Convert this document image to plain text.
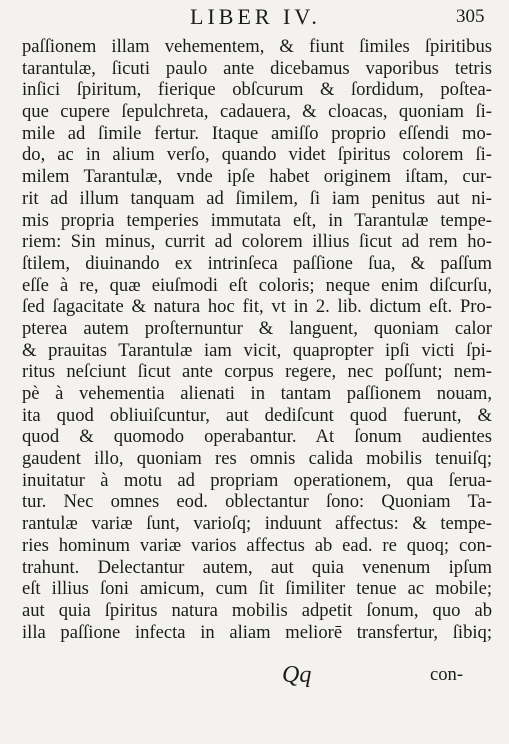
LIBER IV.	305
paſſionem illam vehementem, & fiunt ſimiles ſpiritibus
tarantulæ, ſicuti paulo ante dicebamus vaporibus tetris
inſici ſpiritum, fierique obſcurum & ſordidum, poſtea-
que cupere ſepulchreta, cadauera, & cloacas, quoniam ſi-
mile ad ſimile fertur. Itaque amiſſo proprio eſſendi mo-
do, ac in alium verſo, quando videt ſpiritus colorem ſi-
milem Tarantulæ, vnde ipſe habet originem iſtam, cur-
rit ad illum tanquam ad ſimilem, ſi iam penitus aut ni-
mis propria temperies immutata eſt, in Tarantulæ tempe-
riem: Sin minus, currit ad colorem illius ſicut ad rem ho-
ſtilem, diuinando ex intrinſeca paſſione ſua, & paſſum
eſſe à re, quæ eiuſmodi eſt coloris; neque enim diſcurſu,
ſed ſagacitate & natura hoc fit, vt in 2. lib. dictum eſt. Pro-
pterea autem proſternuntur & languent, quoniam calor
& prauitas Tarantulæ iam vicit, quapropter ipſi victi ſpi-
ritus neſciunt ſicut ante corpus regere, nec poſſunt; nem-
pè à vehementia alienati in tantam paſſionem nouam,
ita quod obliuiſcuntur, aut dediſcunt quod fuerunt, &
quod & quomodo operabantur. At ſonum audientes
gaudent illo, quoniam res omnis calida mobilis tenuiſq;
inuitatur à motu ad propriam operationem, qua ſerua-
tur. Nec omnes eod. oblectantur ſono: Quoniam Ta-
rantulæ variæ ſunt, varioſq; induunt affectus: & tempe-
ries hominum variæ varios affectus ab ead. re quoq; con-
trahunt. Delectantur autem, aut quia venenum ipſum
eſt illius ſoni amicum, cum ſit ſimiliter tenue ac mobile;
aut quia ſpiritus natura mobilis adpetit ſonum, quo ab
illa paſſione infecta in aliam meliorē transfertur, ſibiq;
Qq	con-
